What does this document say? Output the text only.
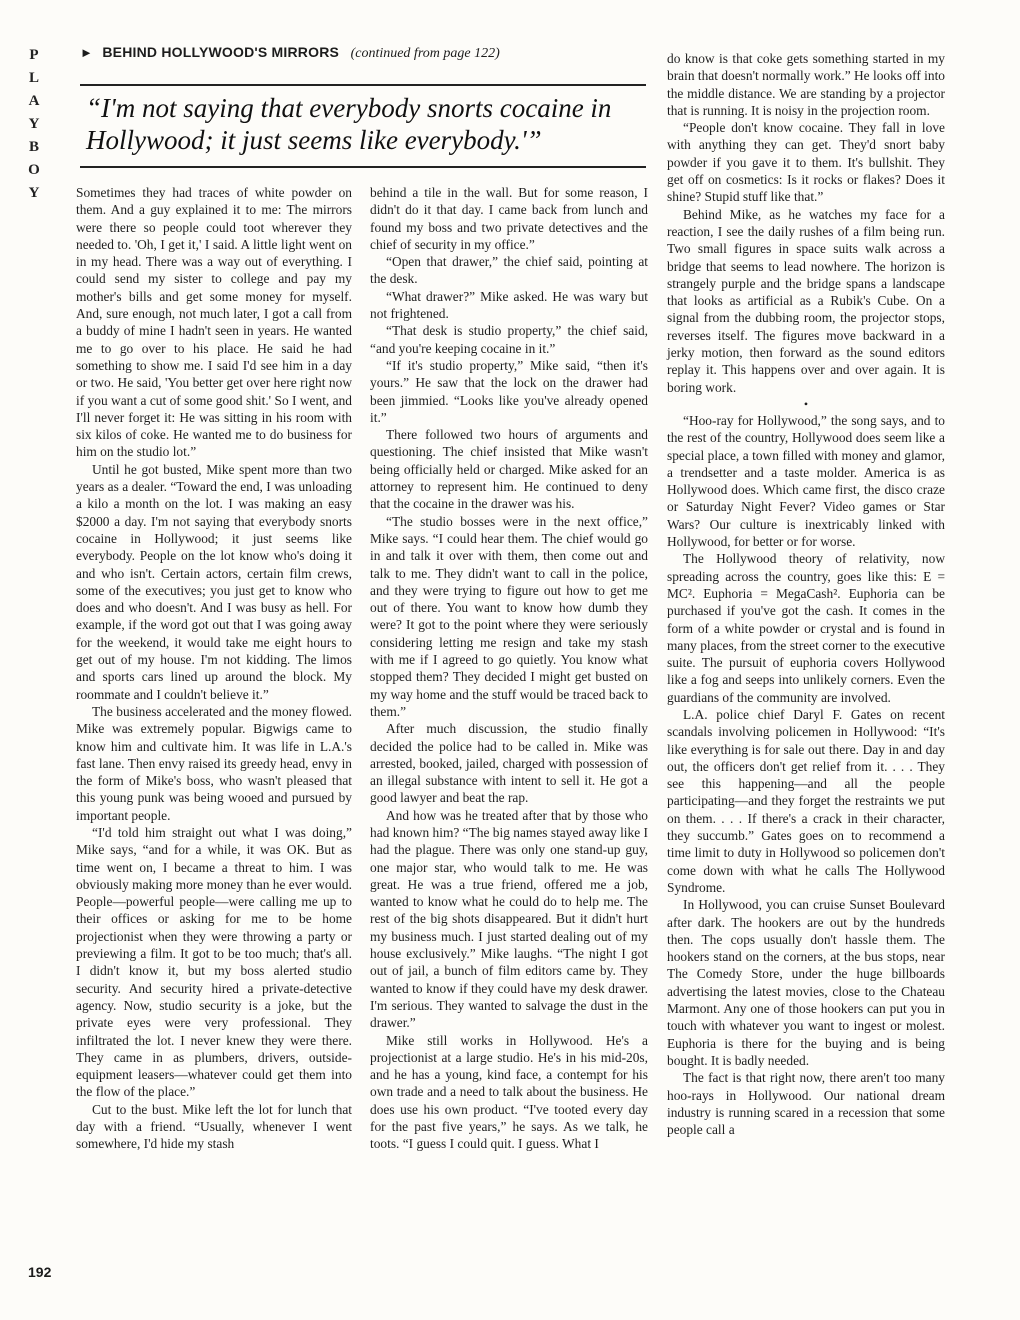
P
L
A
Y
B
O
Y
192
► BEHIND HOLLYWOOD'S MIRRORS (continued from page 122)
“I'm not saying that everybody snorts cocaine in Hollywood; it just seems like everybody.'”

Sometimes they had traces of white powder on them. And a guy explained it to me: The mirrors were there so people could toot wherever they needed to. 'Oh, I get it,' I said. A little light went on in my head. There was a way out of everything. I could send my sister to college and pay my mother's bills and get some money for myself. And, sure enough, not much later, I got a call from a buddy of mine I hadn't seen in years. He wanted me to go over to his place. He said he had something to show me. I said I'd see him in a day or two. He said, 'You better get over here right now if you want a cut of some good shit.' So I went, and I'll never forget it: He was sitting in his room with six kilos of coke. He wanted me to do business for him on the studio lot.”

Until he got busted, Mike spent more than two years as a dealer. “Toward the end, I was unloading a kilo a month on the lot. I was making an easy $2000 a day. I'm not saying that everybody snorts cocaine in Hollywood; it just seems like everybody. People on the lot know who's doing it and who isn't. Certain actors, certain film crews, some of the executives; you just get to know who does and who doesn't. And I was busy as hell. For example, if the word got out that I was going away for the weekend, it would take me eight hours to get out of my house. I'm not kidding. The limos and sports cars lined up around the block. My roommate and I couldn't believe it.”

The business accelerated and the money flowed. Mike was extremely popular. Bigwigs came to know him and cultivate him. It was life in L.A.'s fast lane. Then envy raised its greedy head, envy in the form of Mike's boss, who wasn't pleased that this young punk was being wooed and pursued by important people.

“I'd told him straight out what I was doing,” Mike says, “and for a while, it was OK. But as time went on, I became a threat to him. I was obviously making more money than he ever would. People—powerful people—were calling me up to their offices or asking for me to be home projectionist when they were throwing a party or previewing a film. It got to be too much; that's all. I didn't know it, but my boss alerted studio security. And security hired a private-detective agency. Now, studio security is a joke, but the private eyes were very professional. They infiltrated the lot. I never knew they were there. They came in as plumbers, drivers, outside-equipment leasers—whatever could get them into the flow of the place.”

Cut to the bust. Mike left the lot for lunch that day with a friend. “Usually, whenever I went somewhere, I'd hide my stash

behind a tile in the wall. But for some reason, I didn't do it that day. I came back from lunch and found my boss and two private detectives and the chief of security in my office.”

“Open that drawer,” the chief said, pointing at the desk.

“What drawer?” Mike asked. He was wary but not frightened.

“That desk is studio property,” the chief said, “and you're keeping cocaine in it.”

“If it's studio property,” Mike said, “then it's yours.” He saw that the lock on the drawer had been jimmied. “Looks like you've already opened it.”

There followed two hours of arguments and questioning. The chief insisted that Mike wasn't being officially held or charged. Mike asked for an attorney to represent him. He continued to deny that the cocaine in the drawer was his.

“The studio bosses were in the next office,” Mike says. “I could hear them. The chief would go in and talk it over with them, then come out and talk to me. They didn't want to call in the police, and they were trying to figure out how to get me out of there. You want to know how dumb they were? It got to the point where they were seriously considering letting me resign and take my stash with me if I agreed to go quietly. You know what stopped them? They decided I might get busted on my way home and the stuff would be traced back to them.”

After much discussion, the studio finally decided the police had to be called in. Mike was arrested, booked, jailed, charged with possession of an illegal substance with intent to sell it. He got a good lawyer and beat the rap.

And how was he treated after that by those who had known him? “The big names stayed away like I had the plague. There was only one stand-up guy, one major star, who would talk to me. He was great. He was a true friend, offered me a job, wanted to know what he could do to help me. The rest of the big shots disappeared. But it didn't hurt my business much. I just started dealing out of my house exclusively.” Mike laughs. “The night I got out of jail, a bunch of film editors came by. They wanted to know if they could have my desk drawer. I'm serious. They wanted to salvage the dust in the drawer.”

Mike still works in Hollywood. He's a projectionist at a large studio. He's in his mid-20s, and he has a young, kind face, a contempt for his own trade and a need to talk about the business. He does use his own product. “I've tooted every day for the past five years,” he says. As we talk, he toots. “I guess I could quit. I guess. What I

do know is that coke gets something started in my brain that doesn't normally work.” He looks off into the middle distance. We are standing by a projector that is running. It is noisy in the projection room.

“People don't know cocaine. They fall in love with anything they can get. They'd snort baby powder if you gave it to them. It's bullshit. They get off on cosmetics: Is it rocks or flakes? Does it shine? Stupid stuff like that.”

Behind Mike, as he watches my face for a reaction, I see the daily rushes of a film being run. Two small figures in space suits walk across a bridge that seems to lead nowhere. The horizon is strangely purple and the bridge spans a landscape that looks as artificial as a Rubik's Cube. On a signal from the dubbing room, the projector stops, reverses itself. The figures move backward in a jerky motion, then forward as the sound editors replay it. This happens over and over again. It is boring work.

•

“Hoo-ray for Hollywood,” the song says, and to the rest of the country, Hollywood does seem like a special place, a town filled with money and glamor, a trendsetter and a taste molder. America is as Hollywood does. Which came first, the disco craze or Saturday Night Fever? Video games or Star Wars? Our culture is inextricably linked with Hollywood, for better or for worse.

The Hollywood theory of relativity, now spreading across the country, goes like this: E = MC². Euphoria = MegaCash². Euphoria can be purchased if you've got the cash. It comes in the form of a white powder or crystal and is found in many places, from the street corner to the executive suite. The pursuit of euphoria covers Hollywood like a fog and seeps into unlikely corners. Even the guardians of the community are involved.

L.A. police chief Daryl F. Gates on recent scandals involving policemen in Hollywood: “It's like everything is for sale out there. Day in and day out, the officers don't get relief from it. . . . They see this happening—and all the people participating—and they forget the restraints we put on them. . . . If there's a crack in their character, they succumb.” Gates goes on to recommend a time limit to duty in Hollywood so policemen don't come down with what he calls The Hollywood Syndrome.

In Hollywood, you can cruise Sunset Boulevard after dark. The hookers are out by the hundreds then. The cops usually don't hassle them. The hookers stand on the corners, at the bus stops, near The Comedy Store, under the huge billboards advertising the latest movies, close to the Chateau Marmont. Any one of those hookers can put you in touch with whatever you want to ingest or molest. Euphoria is there for the buying and is being bought. It is badly needed.

The fact is that right now, there aren't too many hoo-rays in Hollywood. Our national dream industry is running scared in a recession that some people call a
